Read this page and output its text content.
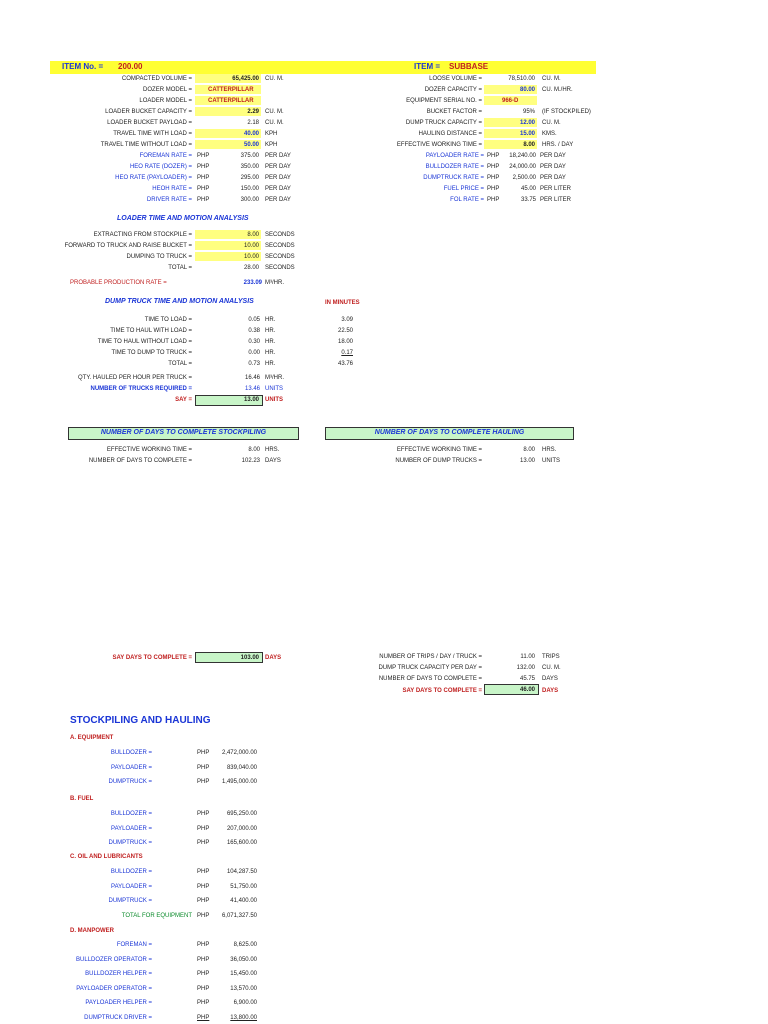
ITEM No. = 200.00	ITEM = SUBBASE
COMPACTED VOLUME =	65,425.00 CU. M.
DOZER MODEL =	CATTERPILLAR
LOADER MODEL =	CATTERPILLAR
LOADER BUCKET CAPACITY =	2.29 CU. M.
LOADER BUCKET PAYLOAD =	2.18 CU. M.
TRAVEL TIME WITH LOAD =	40.00 KPH
TRAVEL TIME WITHOUT LOAD =	50.00 KPH
FOREMAN RATE = PHP	375.00 PER DAY
HEO RATE (DOZER) = PHP	350.00 PER DAY
HEO RATE (PAYLOADER) = PHP	295.00 PER DAY
HEOH RATE = PHP	150.00 PER DAY
DRIVER RATE = PHP	300.00 PER DAY
LOOSE VOLUME =	78,510.00 CU. M.
DOZER CAPACITY =	80.00 CU. M./HR.
EQUIPMENT SERIAL NO. =	966-D
BUCKET FACTOR =	95% (IF STOCKPILED)
DUMP TRUCK CAPACITY =	12.00 CU. M.
HAULING DISTANCE =	15.00 KMS.
EFFECTIVE WORKING TIME =	8.00 HRS. / DAY
PAYLOADER RATE = PHP	18,240.00 PER DAY
BULLDOZER RATE = PHP	24,000.00 PER DAY
DUMPTRUCK RATE = PHP	2,500.00 PER DAY
FUEL PRICE = PHP	45.00 PER LITER
FOL RATE = PHP	33.75 PER LITER
LOADER TIME AND MOTION ANALYSIS
EXTRACTING FROM STOCKPILE =	8.00 SECONDS
FORWARD TO TRUCK AND RAISE BUCKET =	10.00 SECONDS
DUMPING TO TRUCK =	10.00 SECONDS
TOTAL =	28.00 SECONDS
PROBABLE PRODUCTION RATE =	233.09 M³/HR.
DUMP TRUCK TIME AND MOTION ANALYSIS	IN MINUTES
TIME TO LOAD =	0.05 HR.	3.09
TIME TO HAUL WITH LOAD =	0.38 HR.	22.50
TIME TO HAUL WITHOUT LOAD =	0.30 HR.	18.00
TIME TO DUMP TO TRUCK =	0.00 HR.	0.17
TOTAL =	0.73 HR.	43.76
QTY. HAULED PER HOUR PER TRUCK =	16.46 M³/HR.
NUMBER OF TRUCKS REQUIRED =	13.46 UNITS
SAY =	13.00 UNITS
NUMBER OF DAYS TO COMPLETE STOCKPILING	NUMBER OF DAYS TO COMPLETE HAULING
EFFECTIVE WORKING TIME =	8.00 HRS.
NUMBER OF DAYS TO COMPLETE =	102.23 DAYS
EFFECTIVE WORKING TIME =	8.00 HRS.
NUMBER OF DUMP TRUCKS =	13.00 UNITS
NUMBER OF TRIPS / DAY / TRUCK =	11.00 TRIPS
DUMP TRUCK CAPACITY PER DAY =	132.00 CU. M.
NUMBER OF DAYS TO COMPLETE =	45.75 DAYS
SAY DAYS TO COMPLETE =	103.00 DAYS
SAY DAYS TO COMPLETE =	46.00 DAYS
STOCKPILING AND HAULING
A. EQUIPMENT
BULLDOZER =	PHP	2,472,000.00
PAYLOADER =	PHP	839,040.00
DUMPTRUCK =	PHP	1,495,000.00
B. FUEL
BULLDOZER =	PHP	695,250.00
PAYLOADER =	PHP	207,000.00
DUMPTRUCK =	PHP	165,600.00
C. OIL AND LUBRICANTS
BULLDOZER =	PHP	104,287.50
PAYLOADER =	PHP	51,750.00
DUMPTRUCK =	PHP	41,400.00
D. MANPOWER
FOREMAN =	PHP	8,625.00
BULLDOZER OPERATOR =	PHP	36,050.00
BULLDOZER HELPER =	PHP	15,450.00
PAYLOADER OPERATOR =	PHP	13,570.00
PAYLOADER HELPER =	PHP	6,900.00
DUMPTRUCK DRIVER =	PHP	13,800.00
TOTAL FOR EQUIPMENT PHP	6,071,327.50
